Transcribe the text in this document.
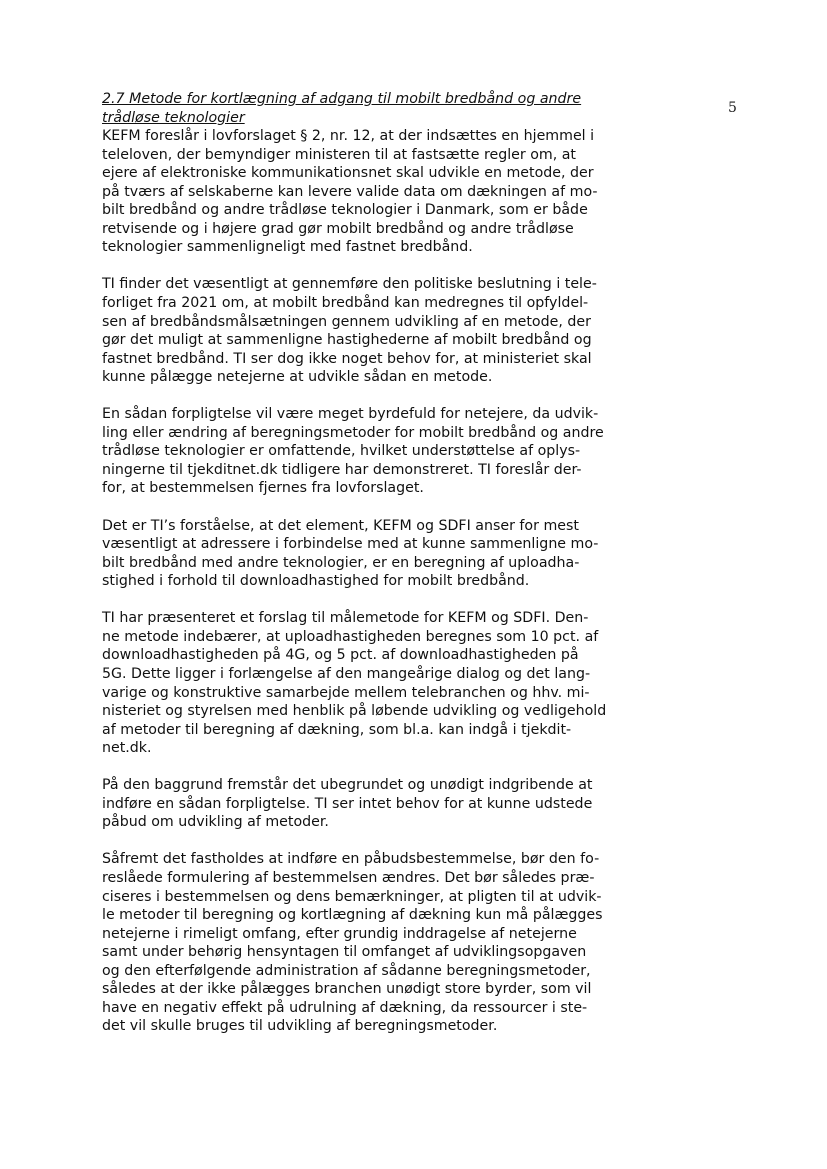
5
2.7 Metode for kortlægning af adgang til mobilt bredbånd og andre
trådløse teknologier
KEFM foreslår i lovforslaget § 2, nr. 12, at der indsættes en hjemmel i
teleloven, der bemyndiger ministeren til at fastsætte regler om, at
ejere af elektroniske kommunikationsnet skal udvikle en metode, der
på tværs af selskaberne kan levere valide data om dækningen af mo-
bilt bredbånd og andre trådløse teknologier i Danmark, som er både
retvisende og i højere grad gør mobilt bredbånd og andre trådløse
teknologier sammenligneligt med fastnet bredbånd.
TI finder det væsentligt at gennemføre den politiske beslutning i tele-
forliget fra 2021 om, at mobilt bredbånd kan medregnes til opfyldel-
sen af bredbåndsmålsætningen gennem udvikling af en metode, der
gør det muligt at sammenligne hastighederne af mobilt bredbånd og
fastnet bredbånd. TI ser dog ikke noget behov for, at ministeriet skal
kunne pålægge netejerne at udvikle sådan en metode.
En sådan forpligtelse vil være meget byrdefuld for netejere, da udvik-
ling eller ændring af beregningsmetoder for mobilt bredbånd og andre
trådløse teknologier er omfattende, hvilket understøttelse af oplys-
ningerne til tjekditnet.dk tidligere har demonstreret. TI foreslår der-
for, at bestemmelsen fjernes fra lovforslaget.
Det er TI’s forståelse, at det element, KEFM og SDFI anser for mest
væsentligt at adressere i forbindelse med at kunne sammenligne mo-
bilt bredbånd med andre teknologier, er en beregning af uploadha-
stighed i forhold til downloadhastighed for mobilt bredbånd.
TI har præsenteret et forslag til målemetode for KEFM og SDFI. Den-
ne metode indebærer, at uploadhastigheden beregnes som 10 pct. af
downloadhastigheden på 4G, og 5 pct. af downloadhastigheden på
5G. Dette ligger i forlængelse af den mangeårige dialog og det lang-
varige og konstruktive samarbejde mellem telebranchen og hhv. mi-
nisteriet og styrelsen med henblik på løbende udvikling og vedligehold
af metoder til beregning af dækning, som bl.a. kan indgå i tjekdit-
net.dk.
På den baggrund fremstår det ubegrundet og unødigt indgribende at
indføre en sådan forpligtelse. TI ser intet behov for at kunne udstede
påbud om udvikling af metoder.
Såfremt det fastholdes at indføre en påbudsbestemmelse, bør den fo-
reslåede formulering af bestemmelsen ændres. Det bør således præ-
ciseres i bestemmelsen og dens bemærkninger, at pligten til at udvik-
le metoder til beregning og kortlægning af dækning kun må pålægges
netejerne i rimeligt omfang, efter grundig inddragelse af netejerne
samt under behørig hensyntagen til omfanget af udviklingsopgaven
og den efterfølgende administration af sådanne beregningsmetoder,
således at der ikke pålægges branchen unødigt store byrder, som vil
have en negativ effekt på udrulning af dækning, da ressourcer i ste-
det vil skulle bruges til udvikling af beregningsmetoder.
